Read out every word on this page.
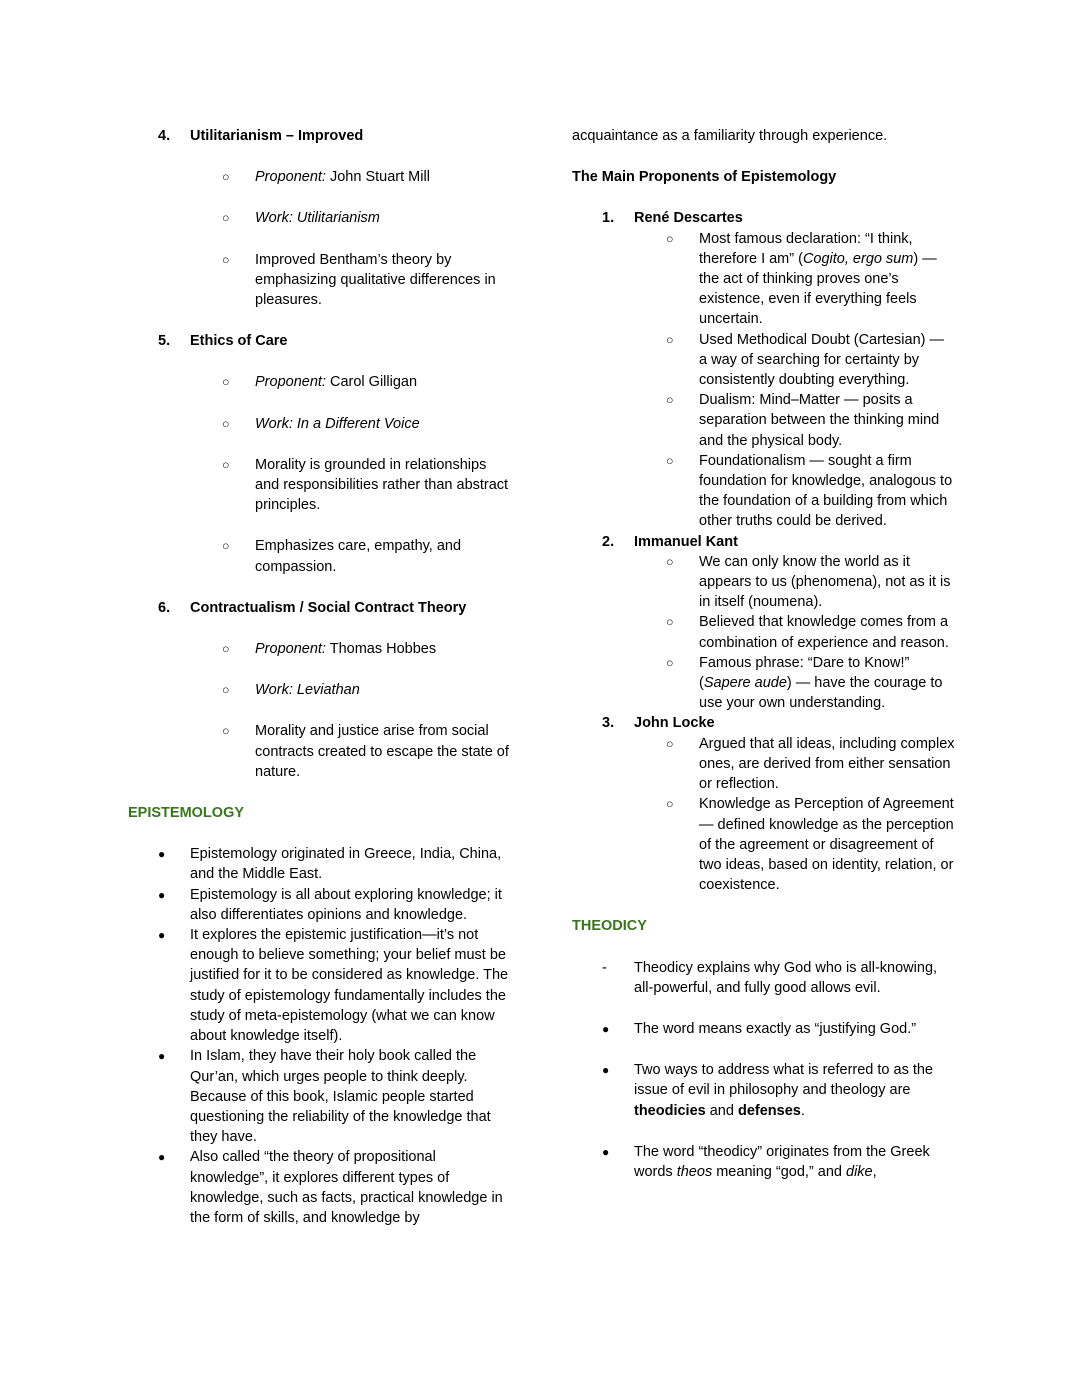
4.	Utilitarianism – Improved
○	Proponent: John Stuart Mill
○	Work: Utilitarianism
○	Improved Bentham’s theory by emphasizing qualitative differences in pleasures.
5.	Ethics of Care
○	Proponent: Carol Gilligan
○	Work: In a Different Voice
○	Morality is grounded in relationships and responsibilities rather than abstract principles.
○	Emphasizes care, empathy, and compassion.
6.	Contractualism / Social Contract Theory
○	Proponent: Thomas Hobbes
○	Work: Leviathan
○	Morality and justice arise from social contracts created to escape the state of nature.
EPISTEMOLOGY
●	Epistemology originated in Greece, India, China, and the Middle East.
●	Epistemology is all about exploring knowledge; it also differentiates opinions and knowledge.
●	It explores the epistemic justification—it’s not enough to believe something; your belief must be justified for it to be considered as knowledge. The study of epistemology fundamentally includes the study of meta-epistemology (what we can know about knowledge itself).
●	In Islam, they have their holy book called the Qur’an, which urges people to think deeply. Because of this book, Islamic people started questioning the reliability of the knowledge that they have.
●	Also called “the theory of propositional knowledge”, it explores different types of knowledge, such as facts, practical knowledge in the form of skills, and knowledge by
acquaintance as a familiarity through experience.
The Main Proponents of Epistemology
1.	René Descartes
○	Most famous declaration: “I think, therefore I am” (Cogito, ergo sum) — the act of thinking proves one’s existence, even if everything feels uncertain.
○	Used Methodical Doubt (Cartesian) — a way of searching for certainty by consistently doubting everything.
○	Dualism: Mind–Matter — posits a separation between the thinking mind and the physical body.
○	Foundationalism — sought a firm foundation for knowledge, analogous to the foundation of a building from which other truths could be derived.
2.	Immanuel Kant
○	We can only know the world as it appears to us (phenomena), not as it is in itself (noumena).
○	Believed that knowledge comes from a combination of experience and reason.
○	Famous phrase: “Dare to Know!” (Sapere aude) — have the courage to use your own understanding.
3.	John Locke
○	Argued that all ideas, including complex ones, are derived from either sensation or reflection.
○	Knowledge as Perception of Agreement — defined knowledge as the perception of the agreement or disagreement of two ideas, based on identity, relation, or coexistence.
THEODICY
-	Theodicy explains why God who is all-knowing, all-powerful, and fully good allows evil.
●	The word means exactly as “justifying God.”
●	Two ways to address what is referred to as the issue of evil in philosophy and theology are theodicies and defenses.
●	The word “theodicy” originates from the Greek words theos meaning “god,” and dike,
